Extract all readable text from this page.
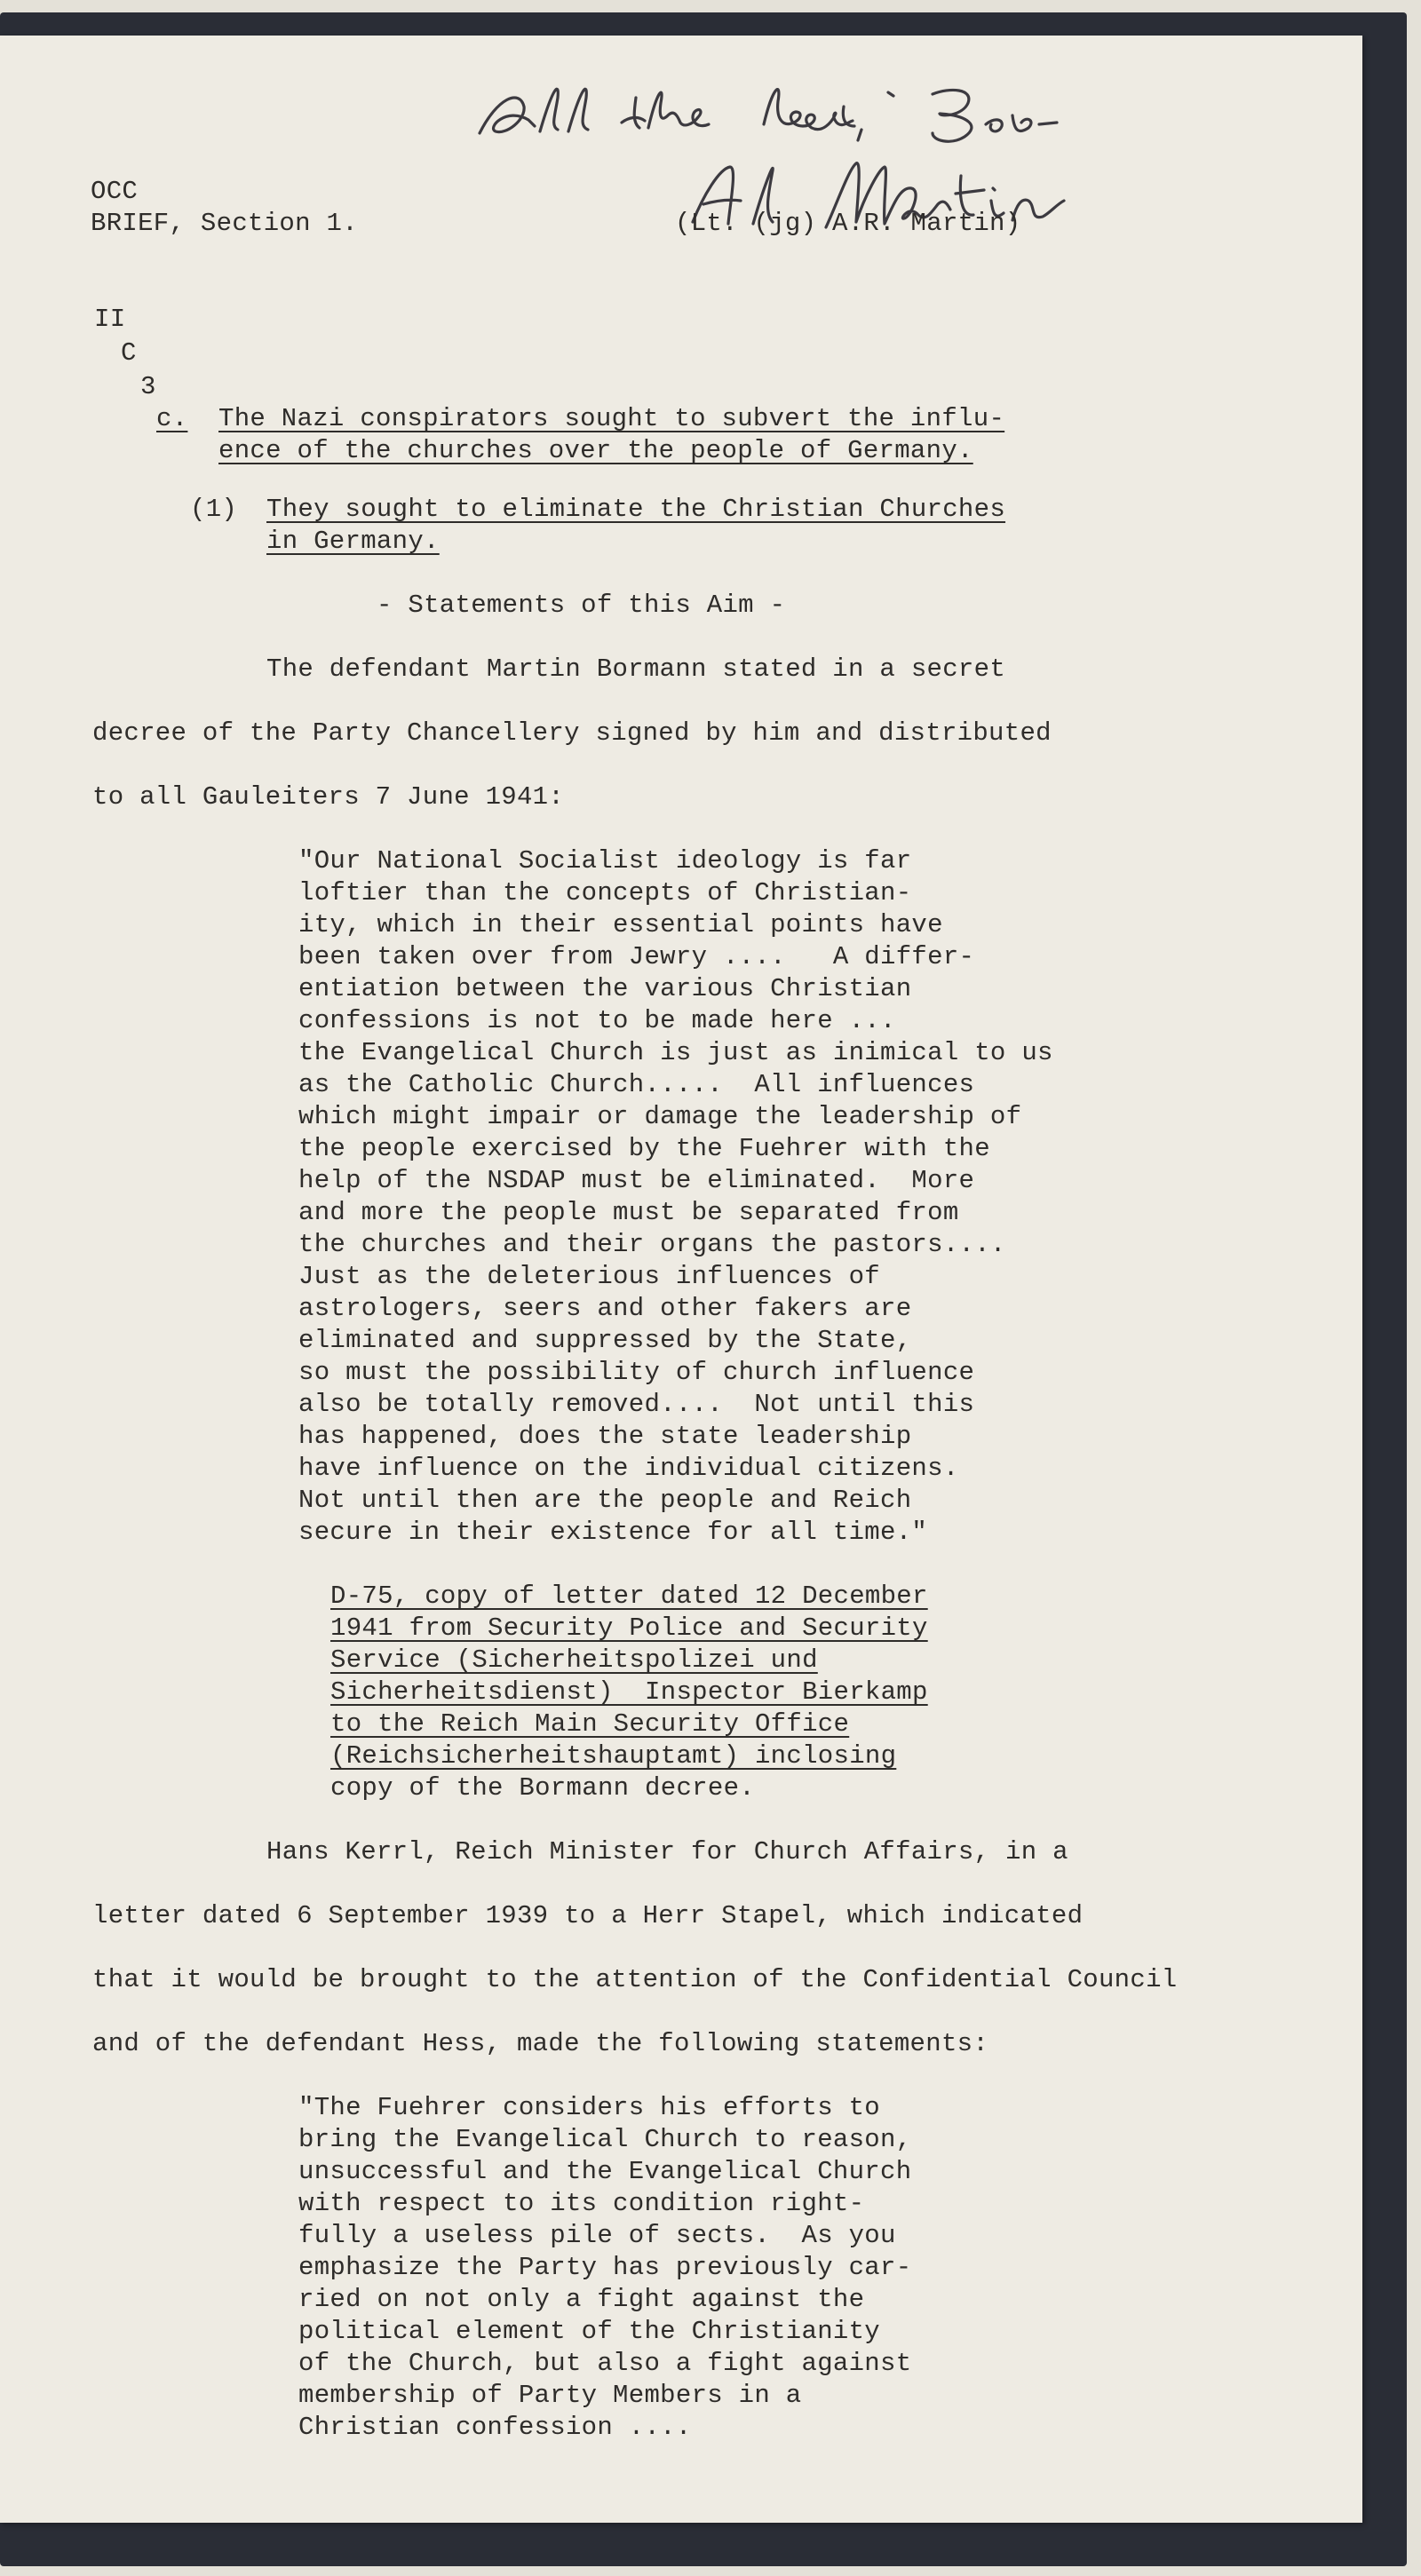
OCC
BRIEF, Section 1.	(Lt. (jg) A.R. Martin)
II
C
3
c. The Nazi conspirators sought to subvert the influ-
ence of the churches over the people of Germany.
(1) They sought to eliminate the Christian Churches
in Germany.
- Statements of this Aim -
The defendant Martin Bormann stated in a secret
decree of the Party Chancellery signed by him and distributed
to all Gauleiters 7 June 1941:
"Our National Socialist ideology is far
loftier than the concepts of Christian-
ity, which in their essential points have
been taken over from Jewry ....   A differ-
entiation between the various Christian
confessions is not to be made here ...
the Evangelical Church is just as inimical to us
as the Catholic Church.....  All influences
which might impair or damage the leadership of
the people exercised by the Fuehrer with the
help of the NSDAP must be eliminated.  More
and more the people must be separated from
the churches and their organs the pastors....
Just as the deleterious influences of
astrologers, seers and other fakers are
eliminated and suppressed by the State,
so must the possibility of church influence
also be totally removed....  Not until this
has happened, does the state leadership
have influence on the individual citizens.
Not until then are the people and Reich
secure in their existence for all time."
D-75, copy of letter dated 12 December
1941 from Security Police and Security
Service (Sicherheitspolizei und
Sicherheitsdienst)  Inspector Bierkamp
to the Reich Main Security Office
(Reichsicherheitshauptamt) inclosing
copy of the Bormann decree.
Hans Kerrl, Reich Minister for Church Affairs, in a
letter dated 6 September 1939 to a Herr Stapel, which indicated
that it would be brought to the attention of the Confidential Council
and of the defendant Hess, made the following statements:
"The Fuehrer considers his efforts to
bring the Evangelical Church to reason,
unsuccessful and the Evangelical Church
with respect to its condition right-
fully a useless pile of sects.  As you
emphasize the Party has previously car-
ried on not only a fight against the
political element of the Christianity
of the Church, but also a fight against
membership of Party Members in a
Christian confession ....
